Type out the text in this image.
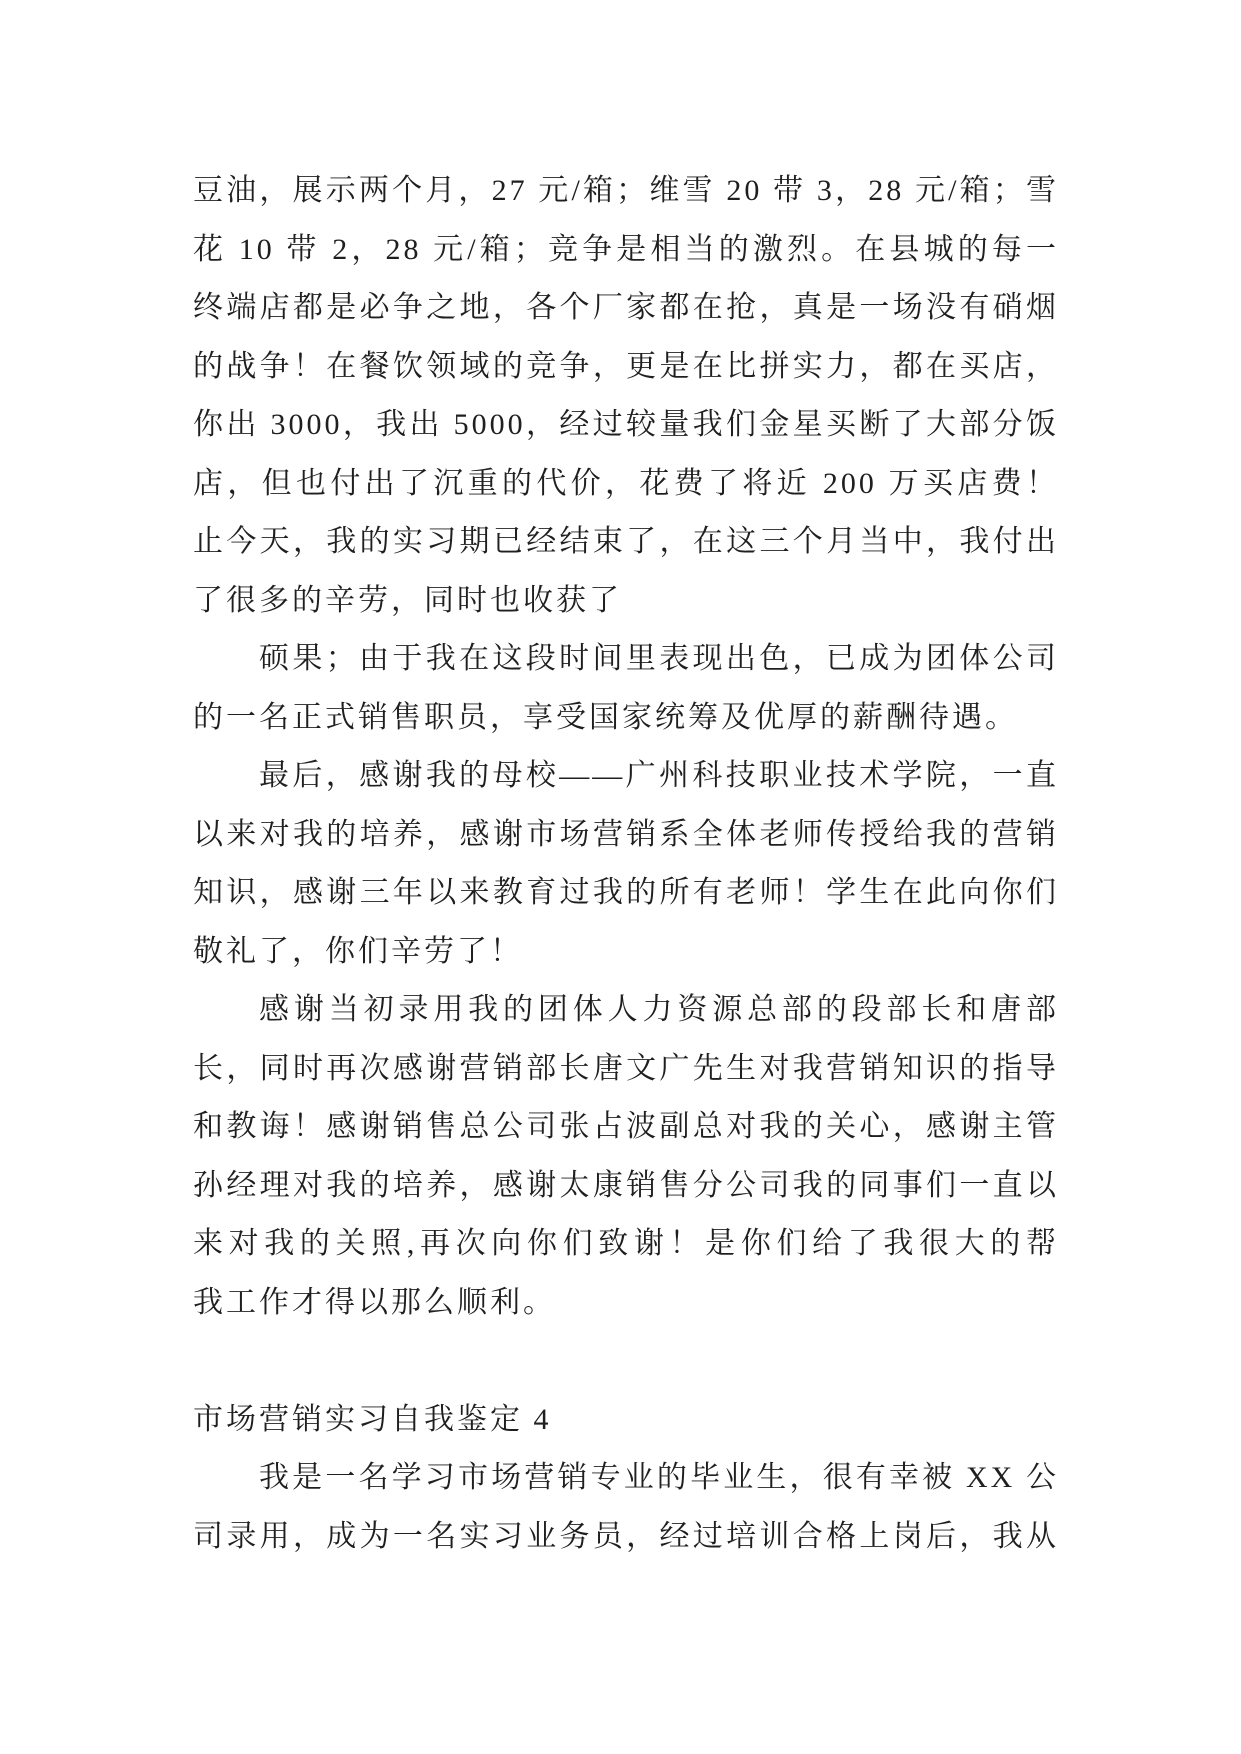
豆油，展示两个月，27 元/箱；维雪 20 带 3，28 元/箱；雪
花 10 带 2，28 元/箱；竞争是相当的激烈。在县城的每一
终端店都是必争之地，各个厂家都在抢，真是一场没有硝烟
的战争！在餐饮领域的竞争，更是在比拼实力，都在买店，
你出 3000，我出 5000，经过较量我们金星买断了大部分饭
店，但也付出了沉重的代价，花费了将近 200 万买店费！
止今天，我的实习期已经结束了，在这三个月当中，我付出
了很多的辛劳，同时也收获了
硕果；由于我在这段时间里表现出色，已成为团体公司
的一名正式销售职员，享受国家统筹及优厚的薪酬待遇。
最后，感谢我的母校——广州科技职业技术学院，一直
以来对我的培养，感谢市场营销系全体老师传授给我的营销
知识，感谢三年以来教育过我的所有老师！学生在此向你们
敬礼了，你们辛劳了！
感谢当初录用我的团体人力资源总部的段部长和唐部
长，同时再次感谢营销部长唐文广先生对我营销知识的指导
和教诲！感谢销售总公司张占波副总对我的关心，感谢主管
孙经理对我的培养，感谢太康销售分公司我的同事们一直以
来对我的关照,再次向你们致谢！是你们给了我很大的帮
我工作才得以那么顺利。
市场营销实习自我鉴定 4
我是一名学习市场营销专业的毕业生，很有幸被 XX 公
司录用，成为一名实习业务员，经过培训合格上岗后，我从
